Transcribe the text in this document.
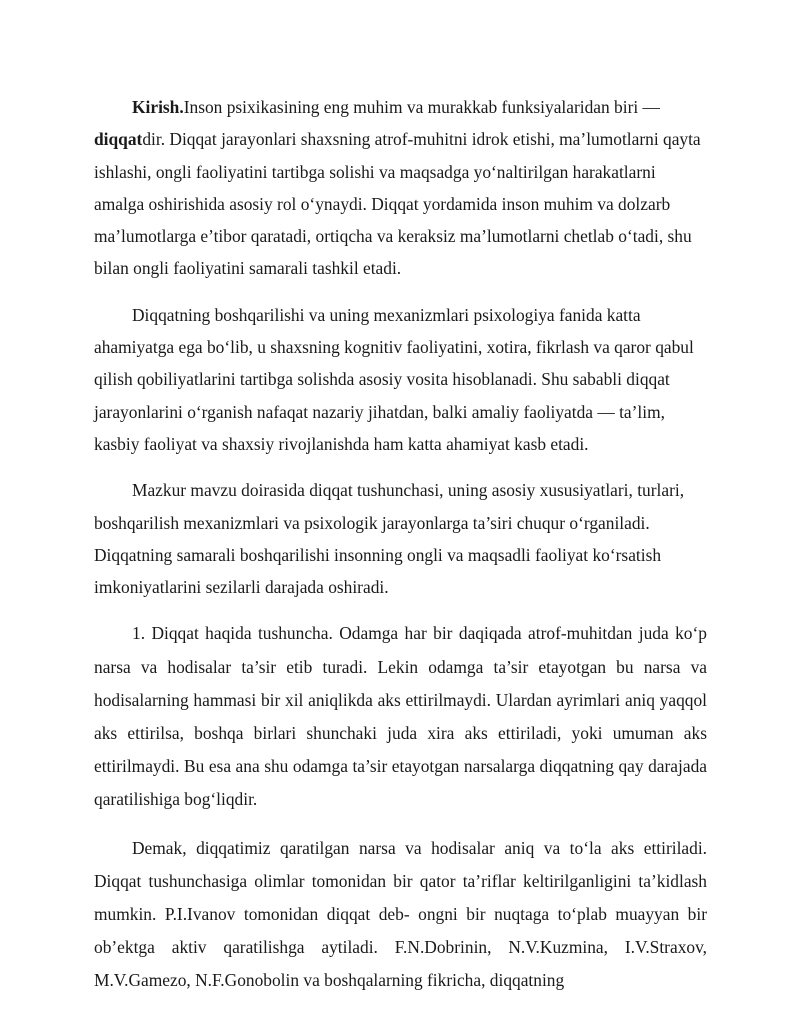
Kirish.Inson psixikasining eng muhim va murakkab funksiyalaridan biri — diqqatdir. Diqqat jarayonlari shaxsning atrof-muhitni idrok etishi, ma’lumotlarni qayta ishlashi, ongli faoliyatini tartibga solishi va maqsadga yo‘naltirilgan harakatlarni amalga oshirishida asosiy rol o‘ynaydi. Diqqat yordamida inson muhim va dolzarb ma’lumotlarga e’tibor qaratadi, ortiqcha va keraksiz ma’lumotlarni chetlab o‘tadi, shu bilan ongli faoliyatini samarali tashkil etadi.

Diqqatning boshqarilishi va uning mexanizmlari psixologiya fanida katta ahamiyatga ega bo‘lib, u shaxsning kognitiv faoliyatini, xotira, fikrlash va qaror qabul qilish qobiliyatlarini tartibga solishda asosiy vosita hisoblanadi. Shu sababli diqqat jarayonlarini o‘rganish nafaqat nazariy jihatdan, balki amaliy faoliyatda — ta’lim, kasbiy faoliyat va shaxsiy rivojlanishda ham katta ahamiyat kasb etadi.

Mazkur mavzu doirasida diqqat tushunchasi, uning asosiy xususiyatlari, turlari, boshqarilish mexanizmlari va psixologik jarayonlarga ta’siri chuqur o‘rganiladi. Diqqatning samarali boshqarilishi insonning ongli va maqsadli faoliyat ko‘rsatish imkoniyatlarini sezilarli darajada oshiradi.

1. Diqqat haqida tushuncha. Odamga har bir daqiqada atrof-muhitdan juda ko‘p narsa va hodisalar ta’sir etib turadi. Lekin odamga ta’sir etayotgan bu narsa va hodisalarning hammasi bir xil aniqlikda aks ettirilmaydi. Ulardan ayrimlari aniq yaqqol aks ettirilsa, boshqa birlari shunchaki juda xira aks ettiriladi, yoki umuman aks ettirilmaydi. Bu esa ana shu odamga ta’sir etayotgan narsalarga diqqatning qay darajada qaratilishiga bog‘liqdir.

Demak, diqqatimiz qaratilgan narsa va hodisalar aniq va to‘la aks ettiriladi. Diqqat tushunchasiga olimlar tomonidan bir qator ta’riflar keltirilganligini ta’kidlash mumkin. P.I.Ivanov tomonidan diqqat deb- ongni bir nuqtaga to‘plab muayyan bir ob’ektga aktiv qaratilishga aytiladi. F.N.Dobrinin, N.V.Kuzmina, I.V.Straxov, M.V.Gamezo, N.F.Gonobolin va boshqalarning fikricha, diqqatning
